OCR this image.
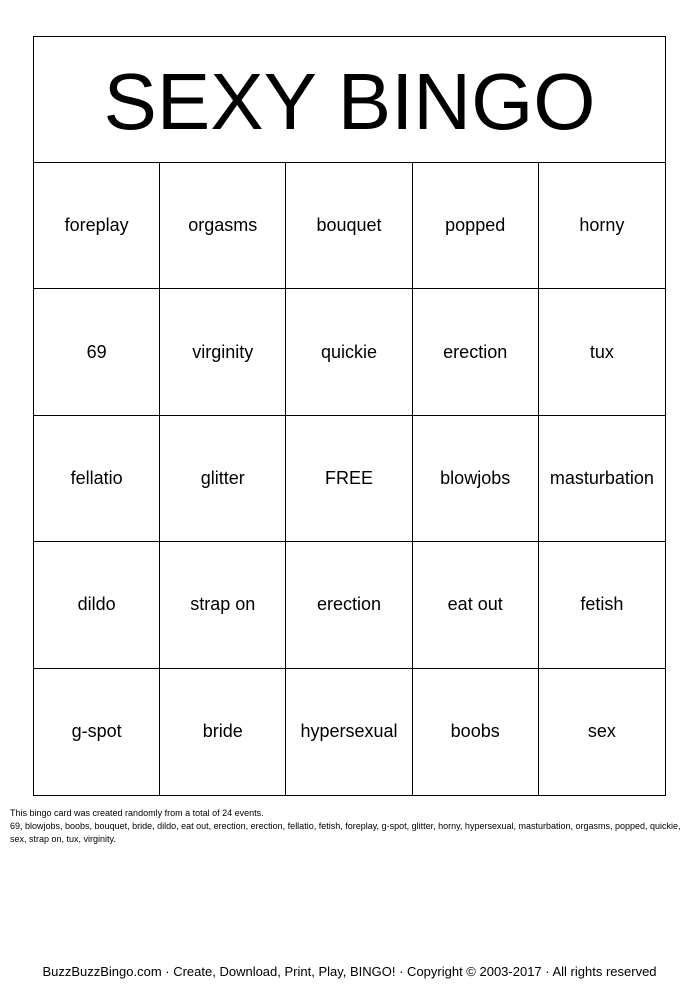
SEXY BINGO
foreplay	orgasms	bouquet	popped	horny
69	virginity	quickie	erection	tux
fellatio	glitter	FREE	blowjobs	masturbation
dildo	strap on	erection	eat out	fetish
g-spot	bride	hypersexual	boobs	sex
This bingo card was created randomly from a total of 24 events.
69, blowjobs, boobs, bouquet, bride, dildo, eat out, erection, erection, fellatio, fetish, foreplay, g-spot, glitter, horny, hypersexual, masturbation, orgasms, popped, quickie, sex, strap on, tux, virginity.
BuzzBuzzBingo.com · Create, Download, Print, Play, BINGO! · Copyright © 2003-2017 · All rights reserved
